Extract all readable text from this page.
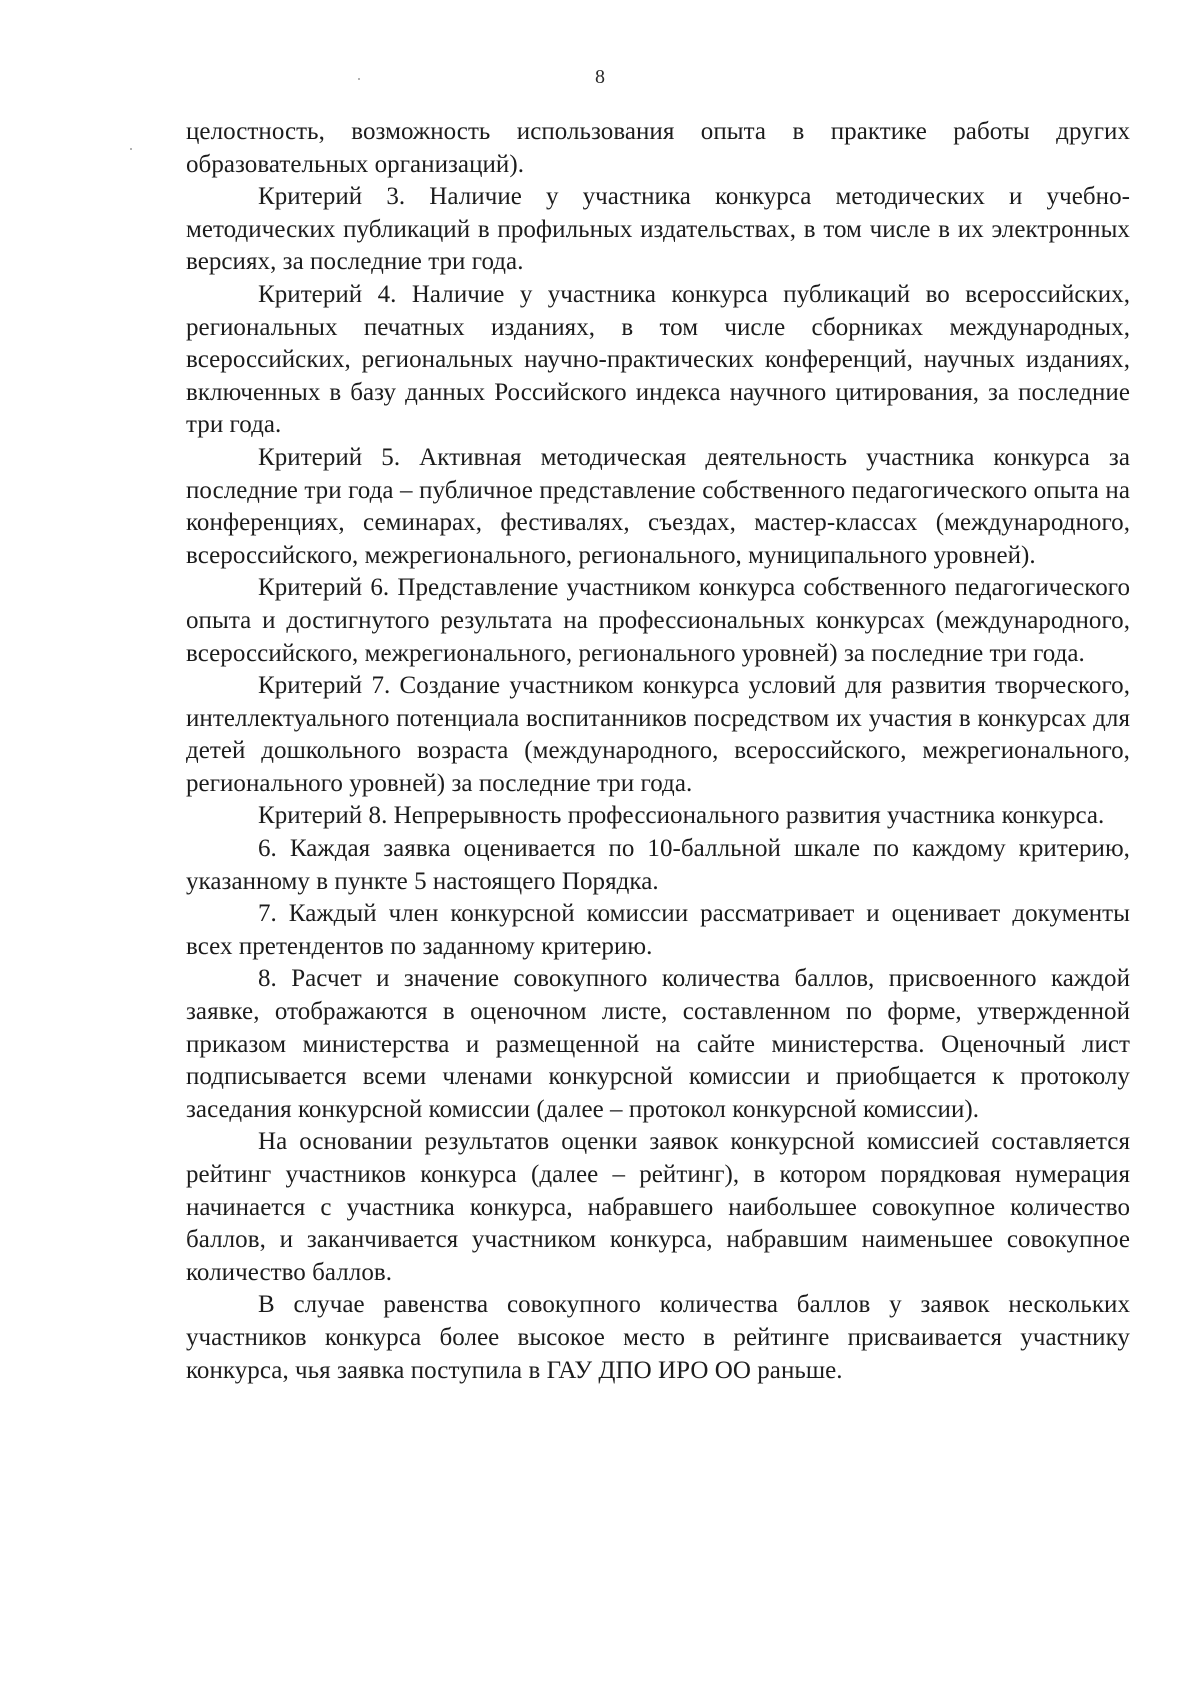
8

целостность, возможность использования опыта в практике работы других образовательных организаций).

Критерий 3. Наличие у участника конкурса методических и учебно-методических публикаций в профильных издательствах, в том числе в их электронных версиях, за последние три года.

Критерий 4. Наличие у участника конкурса публикаций во всероссийских, региональных печатных изданиях, в том числе сборниках международных, всероссийских, региональных научно-практических конференций, научных изданиях, включенных в базу данных Российского индекса научного цитирования, за последние три года.

Критерий 5. Активная методическая деятельность участника конкурса за последние три года – публичное представление собственного педагогического опыта на конференциях, семинарах, фестивалях, съездах, мастер-классах (международного, всероссийского, межрегионального, регионального, муниципального уровней).

Критерий 6. Представление участником конкурса собственного педагогического опыта и достигнутого результата на профессиональных конкурсах (международного, всероссийского, межрегионального, регионального уровней) за последние три года.

Критерий 7. Создание участником конкурса условий для развития творческого, интеллектуального потенциала воспитанников посредством их участия в конкурсах для детей дошкольного возраста (международного, всероссийского, межрегионального, регионального уровней) за последние три года.

Критерий 8. Непрерывность профессионального развития участника конкурса.

6. Каждая заявка оценивается по 10-балльной шкале по каждому критерию, указанному в пункте 5 настоящего Порядка.

7. Каждый член конкурсной комиссии рассматривает и оценивает документы всех претендентов по заданному критерию.

8. Расчет и значение совокупного количества баллов, присвоенного каждой заявке, отображаются в оценочном листе, составленном по форме, утвержденной приказом министерства и размещенной на сайте министерства. Оценочный лист подписывается всеми членами конкурсной комиссии и приобщается к протоколу заседания конкурсной комиссии (далее – протокол конкурсной комиссии).

На основании результатов оценки заявок конкурсной комиссией составляется рейтинг участников конкурса (далее – рейтинг), в котором порядковая нумерация начинается с участника конкурса, набравшего наибольшее совокупное количество баллов, и заканчивается участником конкурса, набравшим наименьшее совокупное количество баллов.

В случае равенства совокупного количества баллов у заявок нескольких участников конкурса более высокое место в рейтинге присваивается участнику конкурса, чья заявка поступила в ГАУ ДПО ИРО ОО раньше.
